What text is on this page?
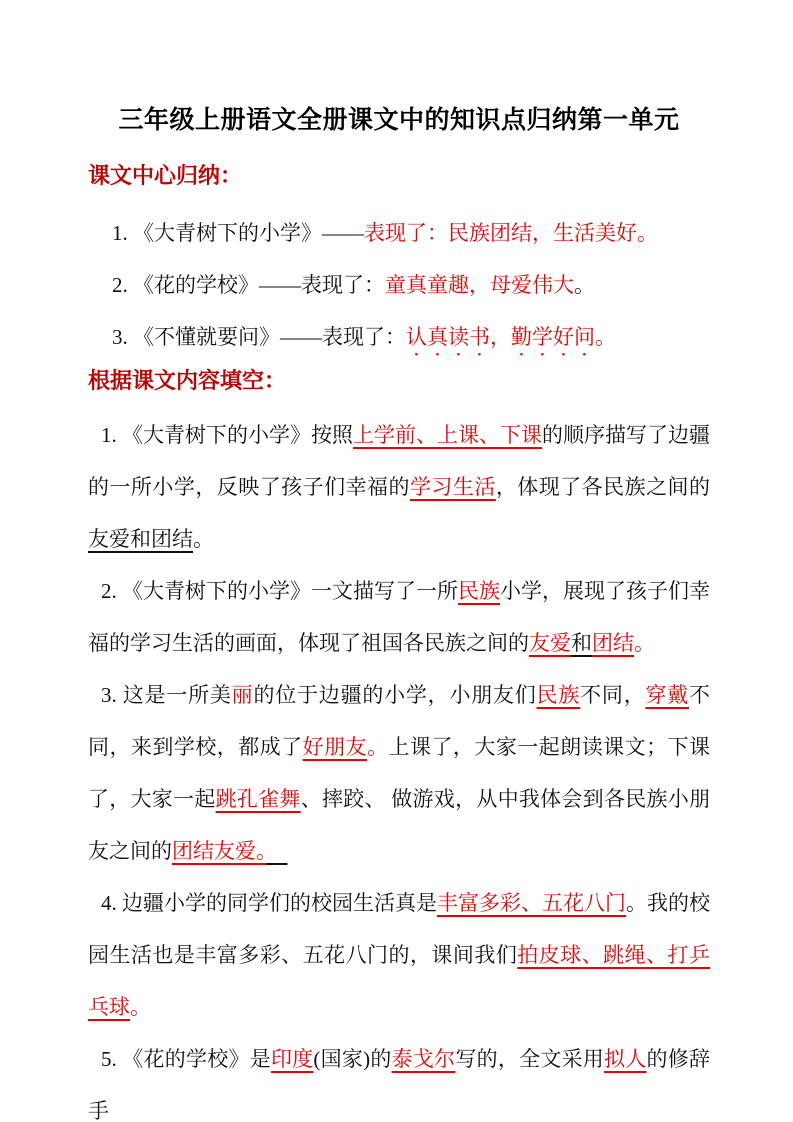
三年级上册语文全册课文中的知识点归纳第一单元
课文中心归纳：

1. 《大青树下的小学》——表现了：民族团结，生活美好。

2. 《花的学校》——表现了：童真童趣，母爱伟大。

3. 《不懂就要问》——表现了：认真读书，勤学好问。

根据课文内容填空：

1. 《大青树下的小学》按照上学前、上课、下课的顺序描写了边疆的一所小学，反映了孩子们幸福的学习生活，体现了各民族之间的友爱和团结。

2. 《大青树下的小学》一文描写了一所民族小学，展现了孩子们幸福的学习生活的画面，体现了祖国各民族之间的友爱和团结。

3. 这是一所美丽的位于边疆的小学，小朋友们民族不同，穿戴不同，来到学校，都成了好朋友。上课了，大家一起朗读课文；下课了，大家一起跳孔雀舞、摔跤、 做游戏，从中我体会到各民族小朋友之间的团结友爱。　

4. 边疆小学的同学们的校园生活真是丰富多彩、五花八门。我的校园生活也是丰富多彩、五花八门的，课间我们拍皮球、跳绳、打乒乓球。

5. 《花的学校》是印度(国家)的泰戈尔写的，全文采用拟人的修辞手
